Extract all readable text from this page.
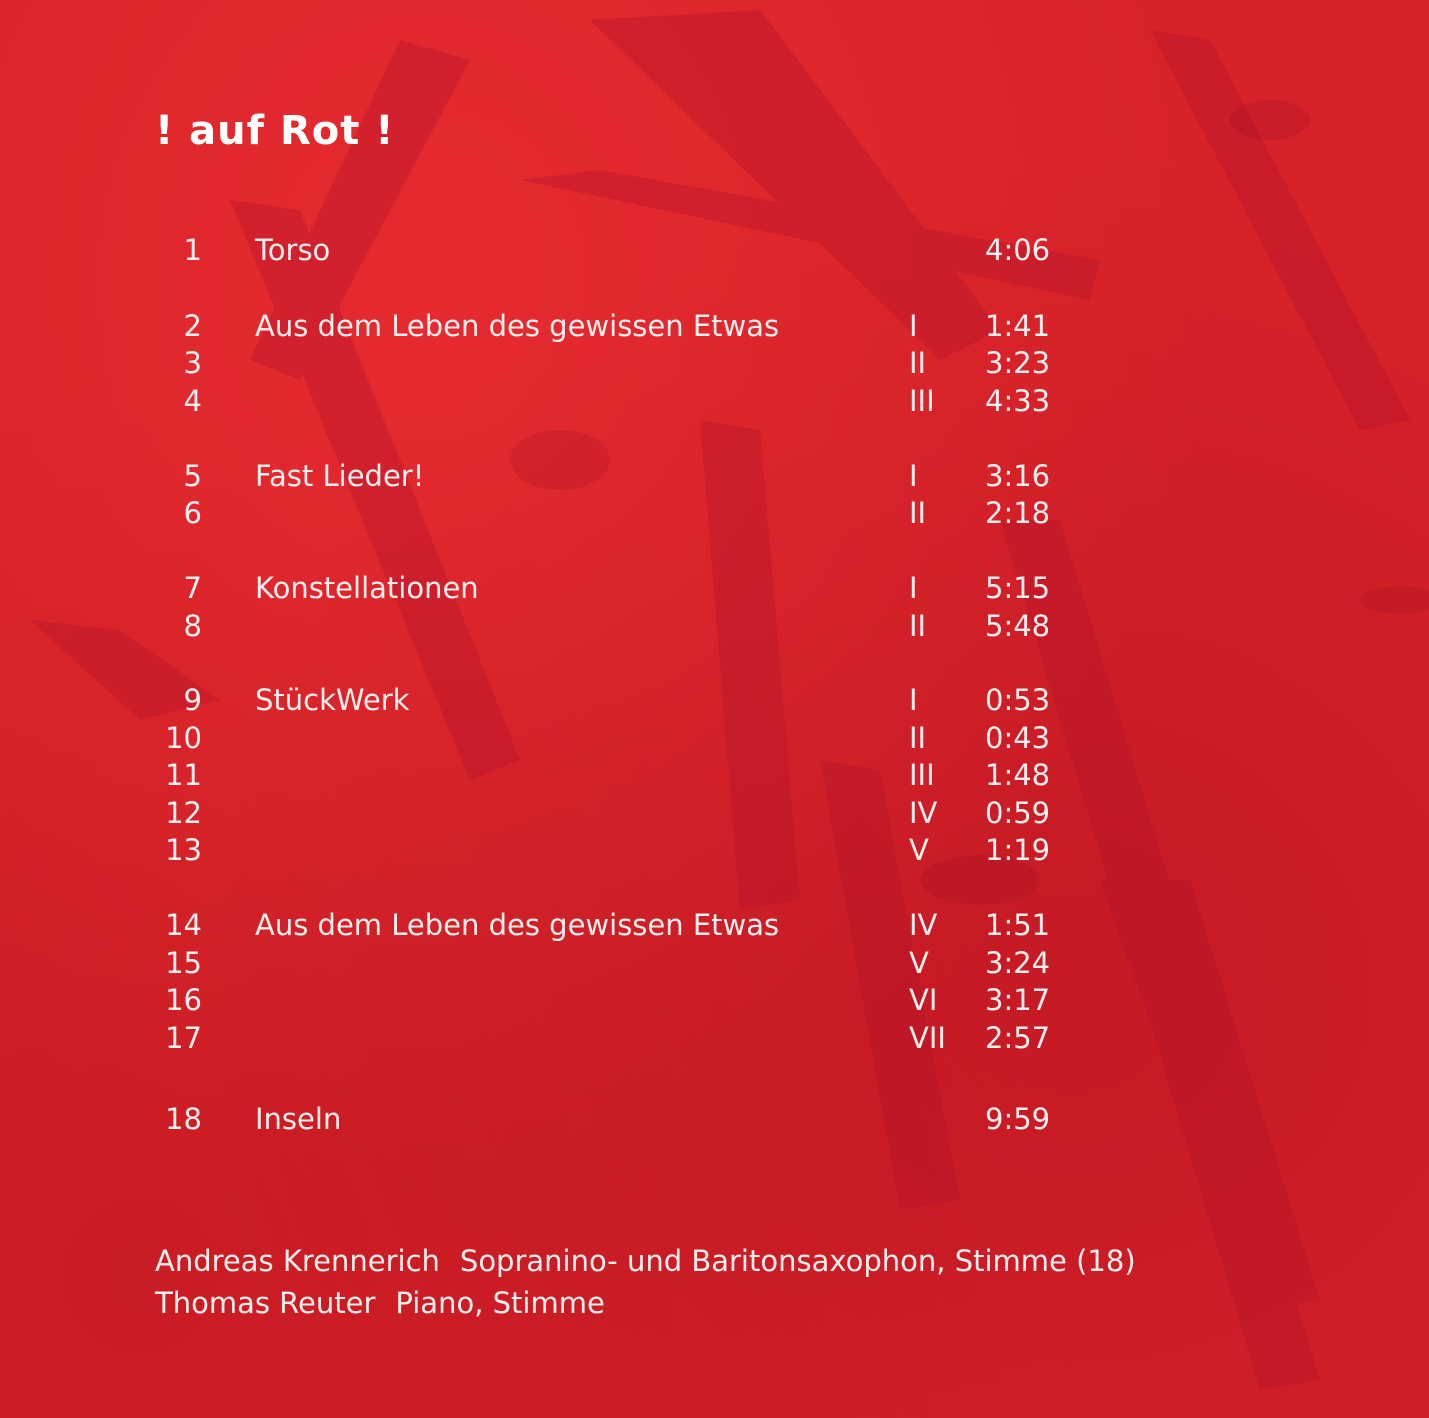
! auf Rot !
1 Torso	4:06
2 Aus dem Leben des gewissen Etwas	I 1:41
3	II 3:23
4	III 4:33
5 Fast Lieder!	I 3:16
6	II 2:18
7 Konstellationen	I 5:15
8	II 5:48
9 StückWerk	I 0:53
10	II 0:43
11	III 1:48
12	IV 0:59
13	V 1:19
14 Aus dem Leben des gewissen Etwas	IV 1:51
15	V 3:24
16	VI 3:17
17	VII 2:57
18 Inseln	9:59
Andreas Krennerich Sopranino- und Baritonsaxophon, Stimme (18)
Thomas Reuter Piano, Stimme
